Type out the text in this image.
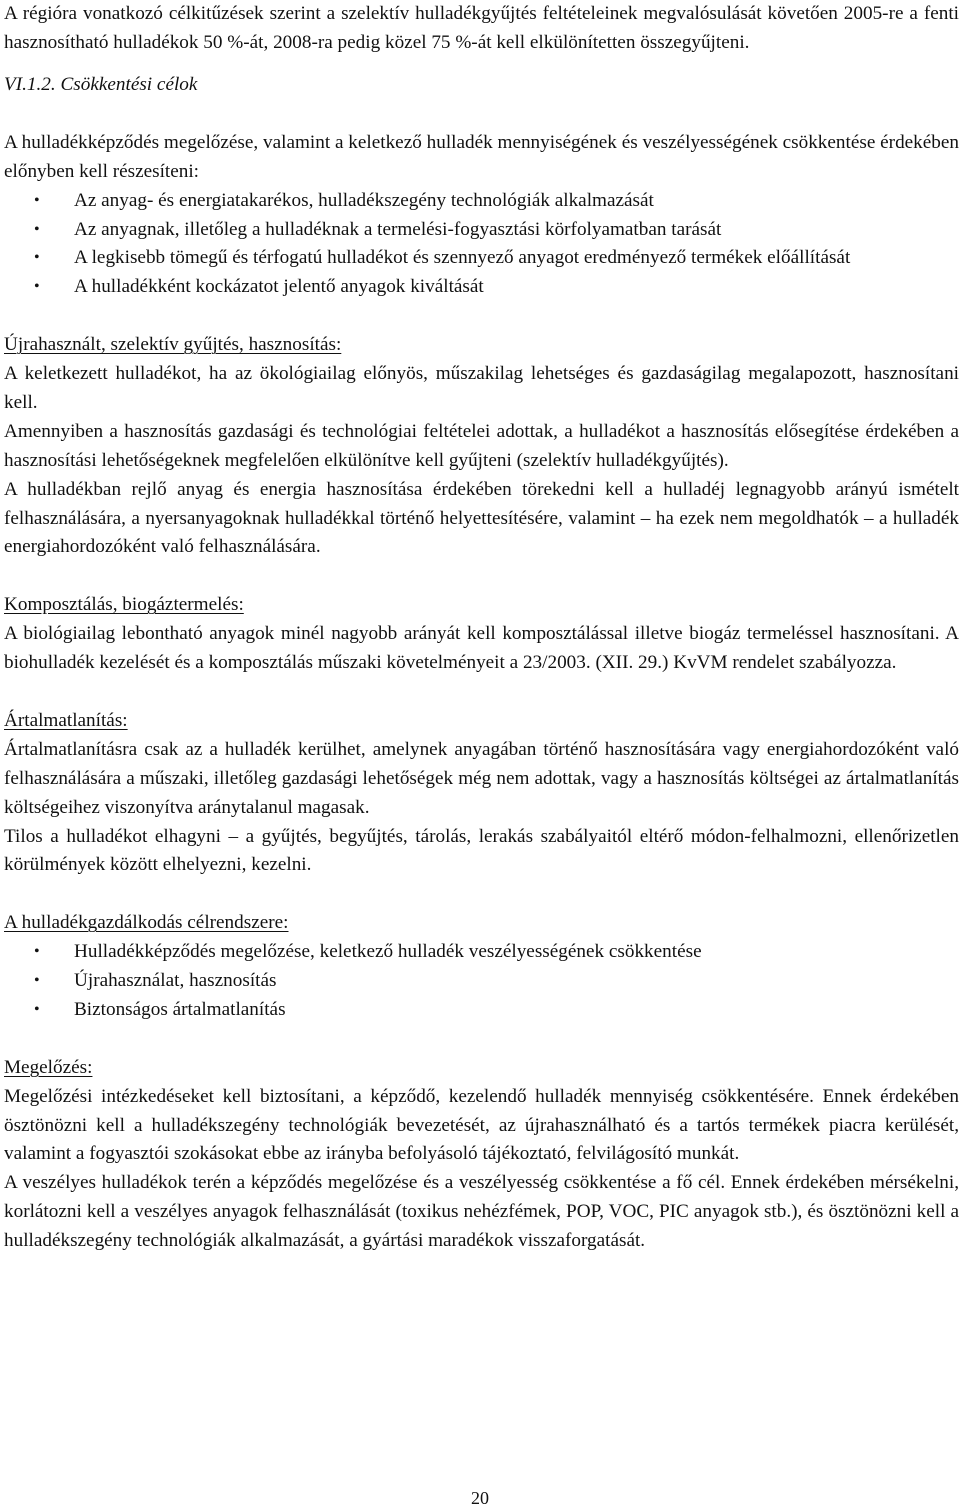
A régióra vonatkozó célkitűzések szerint a szelektív hulladékgyűjtés feltételeinek megvalósulását követően 2005-re a fenti hasznosítható hulladékok 50 %-át, 2008-ra pedig közel 75 %-át kell elkülönítetten összegyűjteni.

VI.1.2. Csökkentési célok

A hulladékképződés megelőzése, valamint a keletkező hulladék mennyiségének és veszélyességének csökkentése érdekében előnyben kell részesíteni:

• Az anyag- és energiatakarékos, hulladékszegény technológiák alkalmazását
• Az anyagnak, illetőleg a hulladéknak a termelési-fogyasztási körfolyamatban tarását
• A legkisebb tömegű és térfogatú hulladékot és szennyező anyagot eredményező termékek előállítását
• A hulladékként kockázatot jelentő anyagok kiváltását

Újrahasznált, szelektív gyűjtés, hasznosítás:

A keletkezett hulladékot, ha az ökológiailag előnyös, műszakilag lehetséges és gazdaságilag megalapozott, hasznosítani kell.

Amennyiben a hasznosítás gazdasági és technológiai feltételei adottak, a hulladékot a hasznosítás elősegítése érdekében a hasznosítási lehetőségeknek megfelelően elkülönítve kell gyűjteni (szelektív hulladékgyűjtés).

A hulladékban rejlő anyag és energia hasznosítása érdekében törekedni kell a hulladéj legnagyobb arányú ismételt felhasználására, a nyersanyagoknak hulladékkal történő helyettesítésére, valamint – ha ezek nem megoldhatók – a hulladék energiahordozóként való felhasználására.

Komposztálás, biogáztermelés:

A biológiailag lebontható anyagok minél nagyobb arányát kell komposztálással illetve biogáz termeléssel hasznosítani. A biohulladék kezelését és a komposztálás műszaki követelményeit a 23/2003. (XII. 29.) KvVM rendelet szabályozza.

Ártalmatlanítás:

Ártalmatlanításra csak az a hulladék kerülhet, amelynek anyagában történő hasznosítására vagy energiahordozóként való felhasználására a műszaki, illetőleg gazdasági lehetőségek még nem adottak, vagy a hasznosítás költségei az ártalmatlanítás költségeihez viszonyítva aránytalanul magasak.

Tilos a hulladékot elhagyni – a gyűjtés, begyűjtés, tárolás, lerakás szabályaitól eltérő módon-felhalmozni, ellenőrizetlen körülmények között elhelyezni, kezelni.

A hulladékgazdálkodás célrendszere:

• Hulladékképződés megelőzése, keletkező hulladék veszélyességének csökkentése
• Újrahasználat, hasznosítás
• Biztonságos ártalmatlanítás

Megelőzés:

Megelőzési intézkedéseket kell biztosítani, a képződő, kezelendő hulladék mennyiség csökkentésére. Ennek érdekében ösztönözni kell a hulladékszegény technológiák bevezetését, az újrahasználható és a tartós termékek piacra kerülését, valamint a fogyasztói szokásokat ebbe az irányba befolyásoló tájékoztató, felvilágosító munkát.

A veszélyes hulladékok terén a képződés megelőzése és a veszélyesség csökkentése a fő cél. Ennek érdekében mérsékelni, korlátozni kell a veszélyes anyagok felhasználását (toxikus nehézfémek, POP, VOC, PIC anyagok stb.), és ösztönözni kell a hulladékszegény technológiák alkalmazását, a gyártási maradékok visszaforgatását.

20
